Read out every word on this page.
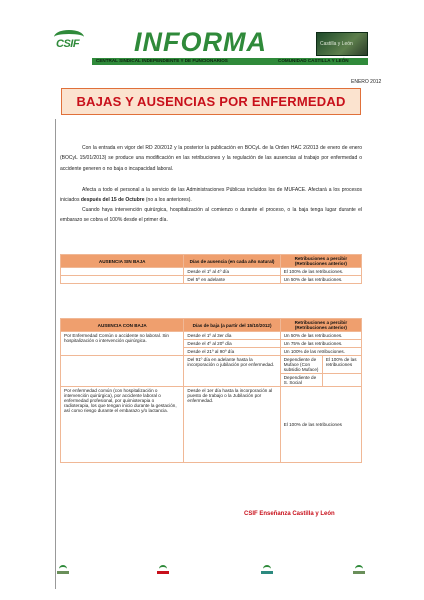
CSIF INFORMA	Castilla y León
CENTRAL SINDICAL INDEPENDIENTE Y DE FUNCIONARIOS	COMUNIDAD CASTILLA Y LEÓN
ENERO 2012
BAJAS Y AUSENCIAS POR ENFERMEDAD
Con la entrada en vigor del RD 20/2012 y la posterior la publicación en BOCyL de la Orden HAC 2/2013 de enero de enero (BOCyL 15/01/2013) se produce una modificación en las retribuciones y la regulación de las ausencias al trabajo por enfermedad o accidente generen o no baja o incapacidad laboral.
Afecta a todo el personal a la servicio de las Administraciones Públicas incluidos los de MUFACE. Afectará a los procesos iniciados después del 15 de Octubre (no a los anteriores).
Cuando haya intervención quirúrgica, hospitalización al comienzo o durante el proceso, o la baja tenga lugar durante el embarazo se cobra el 100% desde el primer día.
AUSENCIA SIN BAJA	Días de ausencia (en cada año natural)	Retribuciones a percibir (Retribuciones anterior)
	Desde el 1º al 4º día	El 100% de las retribuciones.
	Del 5º en adelante	Un 50% de las retribuciones.
AUSENCIA CON BAJA	Días de baja (a partir del 15/10/2012)	Retribuciones a percibir (Retribuciones anterior)	
Por Enfermedad Común o accidente no laboral. Sin hospitalización o intervención quirúrgica.	Desde el 1º al 3er día	Un 50% de las retribuciones.	
	Desde el 4º al 20º día	Un 75% de las retribuciones.	
	Desde el 21º al 90º día	Un 100% de las retribuciones.	
	Del 91º día en adelante hasta la incorporación o jubilación por enfermedad.	Dependiente de Muface (Con subsidio Muface)	El 100% de las retribuciones
		Dependiente de S. Social	
Por enfermedad común (con hospitalización o intervención quirúrgica), por accidente laboral o enfermedad profesional, por quimioterapia o radioterapia, los que tengan inicio durante la gestación, así como riesgo durante el embarazo y/o lactancia.	Desde el 1er día hasta la incorporación al puesto de trabajo o la Jubilación por enfermedad.	El 100% de las retribuciones	
CSIF Enseñanza Castilla y León
